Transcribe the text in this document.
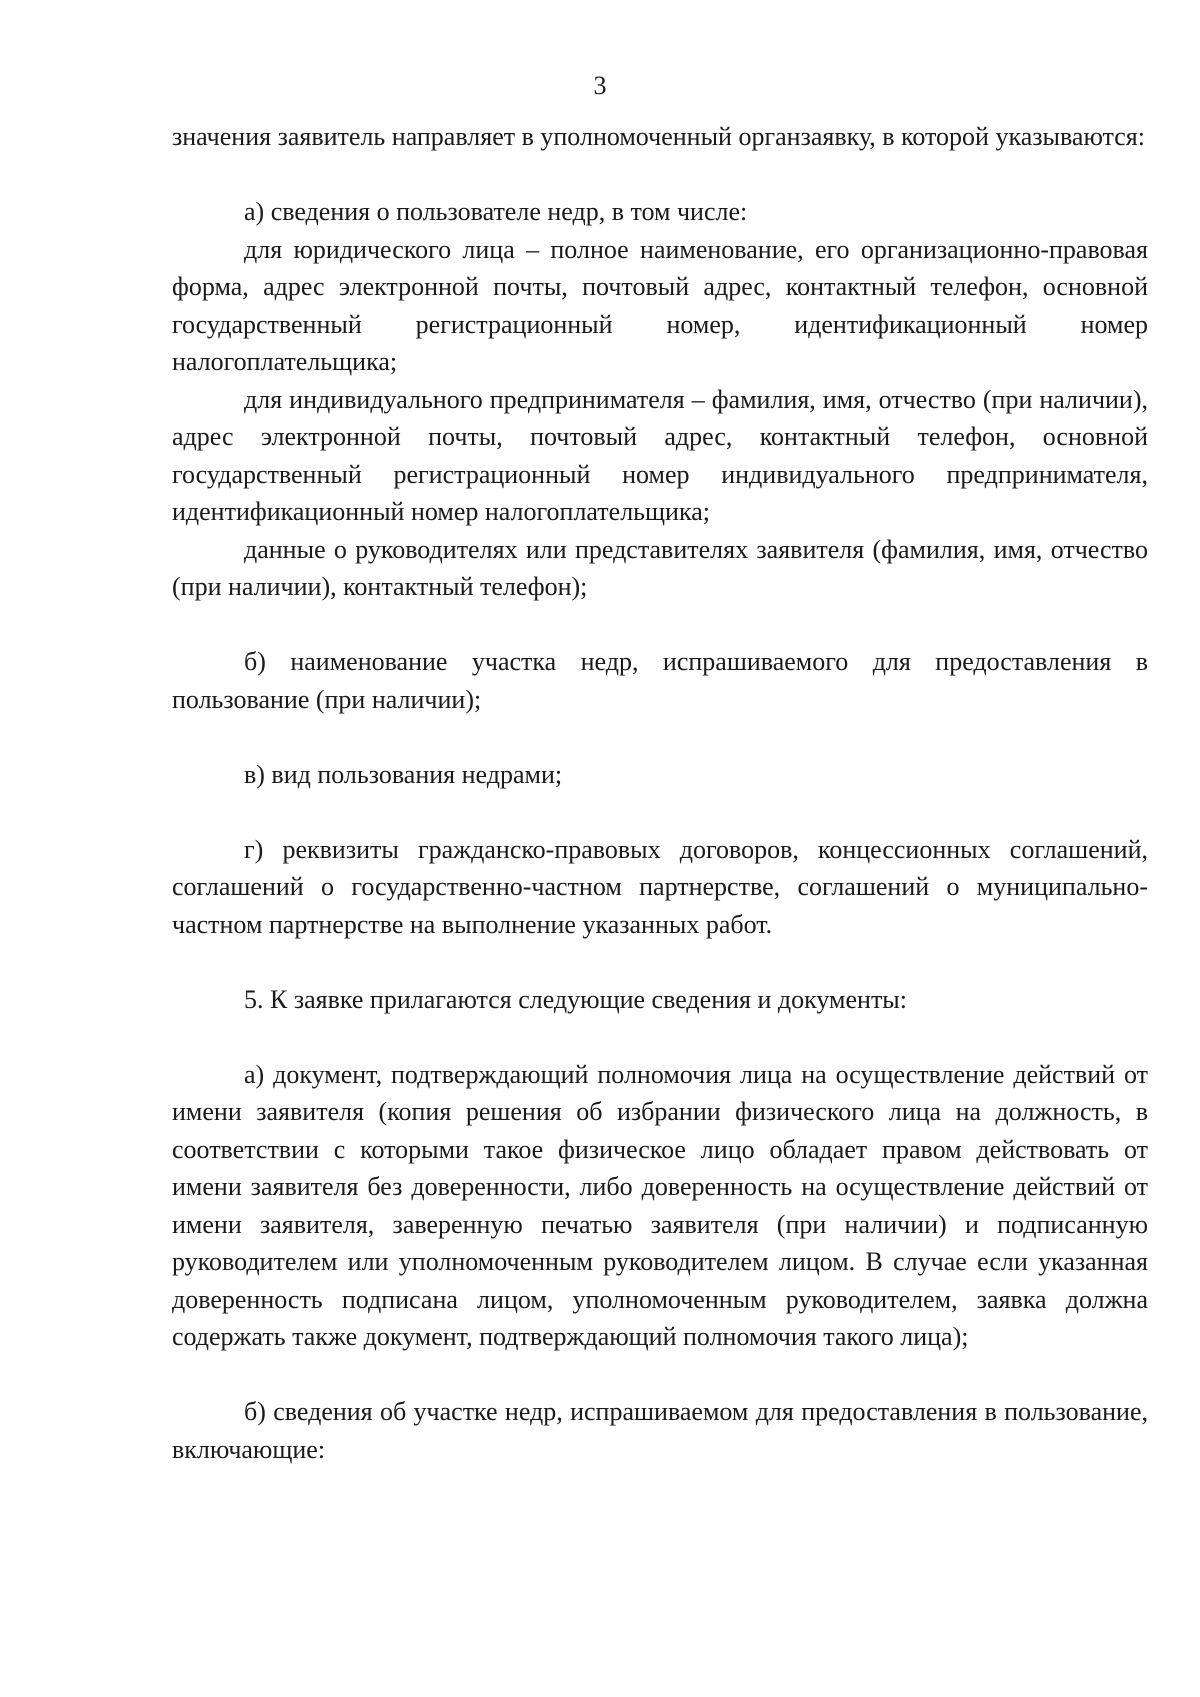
3

значения заявитель направляет в уполномоченный органзаявку, в которой указываются:

а) сведения о пользователе недр, в том числе:

для юридического лица – полное наименование, его организационно-правовая форма, адрес электронной почты, почтовый адрес, контактный телефон, основной государственный регистрационный номер, идентификационный номер налогоплательщика;

для индивидуального предпринимателя – фамилия, имя, отчество (при наличии), адрес электронной почты, почтовый адрес, контактный телефон, основной государственный регистрационный номер индивидуального предпринимателя, идентификационный номер налогоплательщика;

данные о руководителях или представителях заявителя (фамилия, имя, отчество (при наличии), контактный телефон);

б) наименование участка недр, испрашиваемого для предоставления в пользование (при наличии);

в) вид пользования недрами;

г) реквизиты гражданско-правовых договоров, концессионных соглашений, соглашений о государственно-частном партнерстве, соглашений о муниципально-частном партнерстве на выполнение указанных работ.

5. К заявке прилагаются следующие сведения и документы:

а) документ, подтверждающий полномочия лица на осуществление действий от имени заявителя (копия решения об избрании физического лица на должность, в соответствии с которыми такое физическое лицо обладает правом действовать от имени заявителя без доверенности, либо доверенность на осуществление действий от имени заявителя, заверенную печатью заявителя (при наличии) и подписанную руководителем или уполномоченным руководителем лицом. В случае если указанная доверенность подписана лицом, уполномоченным руководителем, заявка должна содержать также документ, подтверждающий полномочия такого лица);

б) сведения об участке недр, испрашиваемом для предоставления в пользование, включающие:
